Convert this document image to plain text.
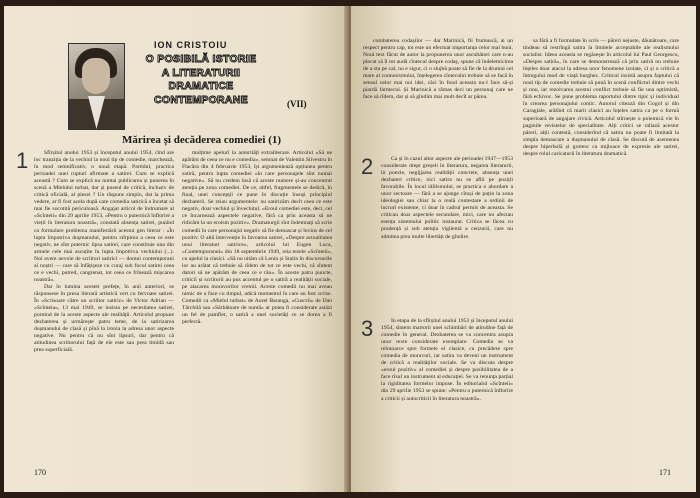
ION CRISTOIU
O POSIBILĂ ISTORIE
A LITERATURII
DRAMATICE
CONTEMPORANE	(VII)
Mărirea și decăderea comediei (1)
1	Sfîrșitul anului 1953 și începutul anului 1954, cînd are loc tranziția de la vechiul la noul tip de comedie, marchează, în mod semnificativ, o nouă etapă. Partidul, practica perioadei unei rupturi afirmate a satirei. Cum se explică această ? Cum se explică nu numai publicarea și punerea în scenă a Mielului turbat, dar și puseul de critică, inclusiv de critică oficială, al piesei ? Un răspuns simplu, dat la prima vedere, ar fi fost acela după care comedia satirică a încetat să mai fie socotită periculoasă. Angajat articol de îndrumare al «Scînteii» din 29 aprilie 1953, «Pentru o puternică înflorire a vieții în literatura noastră», constată absența satirei, punînd ca formulare problema manifestării acestui gen literar : «În lupta împotriva dușmanului, pentru stîrpirea a ceea ce este negativ, ne sînt puternic lipsa satirei, care constituie una din armele cele mai ascuțite în lupta împotriva vechiului (...). Noi avem nevoie de scriitori satirici — domni contemporani ai noștri — care să înfățișeze cu curaj sub focul satirei ceea ce e vechi, putred, cangrenat, tot ceea ce frînează mișcarea noastră».

Dar în lumina acestei prefețe, în anii anteriori, se răspunsese în presa literară artistică vert cu fervoare satirei. În «Scrisoare către un scriitor satiric» de Victor Adrian — «Scînteia», 13 mai 1949, se insista pe necesitatea satirei, pornind de la aceste aspecte ale realității. Articolul propune dezbaterea și urmărește patru teme, de la satirizarea dușmanului de clasă și pînă la ironia la adresa unor aspecte negative. Nu pentru că nu sînt lipsuri, dar pentru că atitudinea scriitorului față de ele este sau prea timidă sau prea superficială.

mulțime apelurî la autoritățî extraliterare. Articolul «Să ne apărăm de ceea ce nu e comedia», semnat de Valentin Silvestru în Flacăra din 4 februarie 1953, își argumentează opțiunea pentru satiră, pentru lupta comediei «în care personajele sînt numai negative». Să nu credem însă că aceste numere și-au concentrat atenția pe zona comediei. De ce, altfel, fragmentele se dedică, în final, unei concepții ce pune în discuție însuși principiul dezbaterii. Se reiau argumentele: nu satirizăm decît ceea ce este negativ, doar vechiul și învechitul. «Eroul comediei este, deci, cel ce încarnează aspectele negative, fără ca prin aceasta să ne ridicăm la un eroism pozitiv». Dramaturgii sînt îndemnați să scrie comedii în care personajul negativ să fie demascat și învins de cel pozitiv. O altă intervenție în favoarea satirei, «Despre actualitatea unui literaturi satirice», articolul lui Eugen Luca, «Contemporanul» din 18 septembrie 1949, reia tezele «Scînteii», cu apelul la clasici. «Să nu uităm că Lenin și Stalin în discursurile lor au arătat că trebuie să rîdem de tot ce este vechi, că sîntem datori să ne apărăm de ceea ce e rău». În aceste patru puncte, criticii și scriitorii au pus accentul pe o satiră a realității sociale, pe atacarea moravurilor vremii. Aceste comedii nu mai aveau nimic de a face cu timpul, adică momentul în care au fost scrise. Comedii ca «Mielul turbat» de Aurel Baranga, «Cuscrii» de Dan Tărchilă sau «Sărbătoare de nuntă» ar putea fi considerate astăzi un fel de pamflet, o satiră a unei societăți ce se dorea a fi perfectă.

170

combaterea codașilor — dar Marinică, fii frumuscă, ai un respect pentru cap, tot este un efectuat importanța celor mai buni. Noul text făcut de autor la propunerea unor ascultători care n-au plecat să îl tot audă cîntecul despre codaș, spune că îndeletnicirea de a sta pe cal, nu e sigur, ci o slujbă poate să fie de la drumul cel mare al comunismului, înțelegerea cîntecului trebuie să se facă în sensul celor mai noi idei, căci în fond aceasta nu-l face să-și piardă farmecul. Și Marinică a rămas deci un personaj care ne face să rîdem, dar și să gîndim mai mult decît ar părea.

2	Ca și în cazul altor aspecte ale perioadei 1947—1953 considerate drept greșeli în literatura, negarea literaturii, în poezie, negljjarea realității concrete, absența unei dezbateri critice, nici satira nu se află pe poziții favorabile. În locul idilismului, se practica o abordare a unor sectoare — fără a se ajunge cîtuși de puțin la zona ideologiei sau chiar la o reală contestare a ordinii de lucruri existente, ci doar în cadrul permis de aceasta. Se criticau doar aspectele secundare, mici, care nu afectau esența sistemului politic instaurat. Critica se făcea cu prudență și sub atenția vigilentă a cenzurii, care nu admitea prea multe libertăți de gîndire.

3	În etapa de la sfîrșitul anului 1953 și începutul anului 1954, sîntem martorii unei schimbări de atitudine față de comedie în general. Dezbaterea se va concentra asupra unor texte considerate exemplare. Comedia se va reîntoarce spre formele ei clasice, cu precădere spre comedia de moravuri, iar satira va deveni un instrument de critică a realităților sociale. Se va discuta despre «eroul pozitiv» al comediei și despre posibilitatea de a face rîsul un instrument al educației. Se va renunța parțial la rigiditatea formelor impuse. În editorialul «Scînteii» din 29 aprilie 1953 se spune: «Pentru o puternică înflorire a criticii și autocriticii în literatura noastră».

sa fără a fi formulate în scris — păreri nejuste, dăunătoare, care tindeau să restrîngă satira la limitele acceptabile ale realismului socialist. Ideea aceasta se regăsește în articolul lui Paul Georgescu, «Despre satiră», în care se demonstrează că prin satiră nu trebuie înțeles doar atacul la adresa unor fenomene izolate, ci și o critică a întregului mod de viață burghez. Criticul insistă asupra faptului că noul tip de comedie trebuie să pună în scenă conflictul dintre vechi și nou, iar rezolvarea acestui conflict trebuie să fie una optimistă, fără echivoc. Se pune problema raportului dintre tipic și individual în crearea personajului comic. Autorul citează din Gogol și din Caragiale, arătînd că marii clasici au înțeles satira ca pe o formă superioară de angajare civică. Articolul stîrnește o polemică vie în paginile revistelor de specialitate. Alți critici se raliază acestor păreri, alții contestă, considerînd că satira nu poate fi limitată la simpla demascare a dușmanului de clasă. Se discută de asemenea despre hiperbolă și grotesc ca mijloace de expresie ale satirei, despre rolul caricaturii în literatura dramatică.

171
